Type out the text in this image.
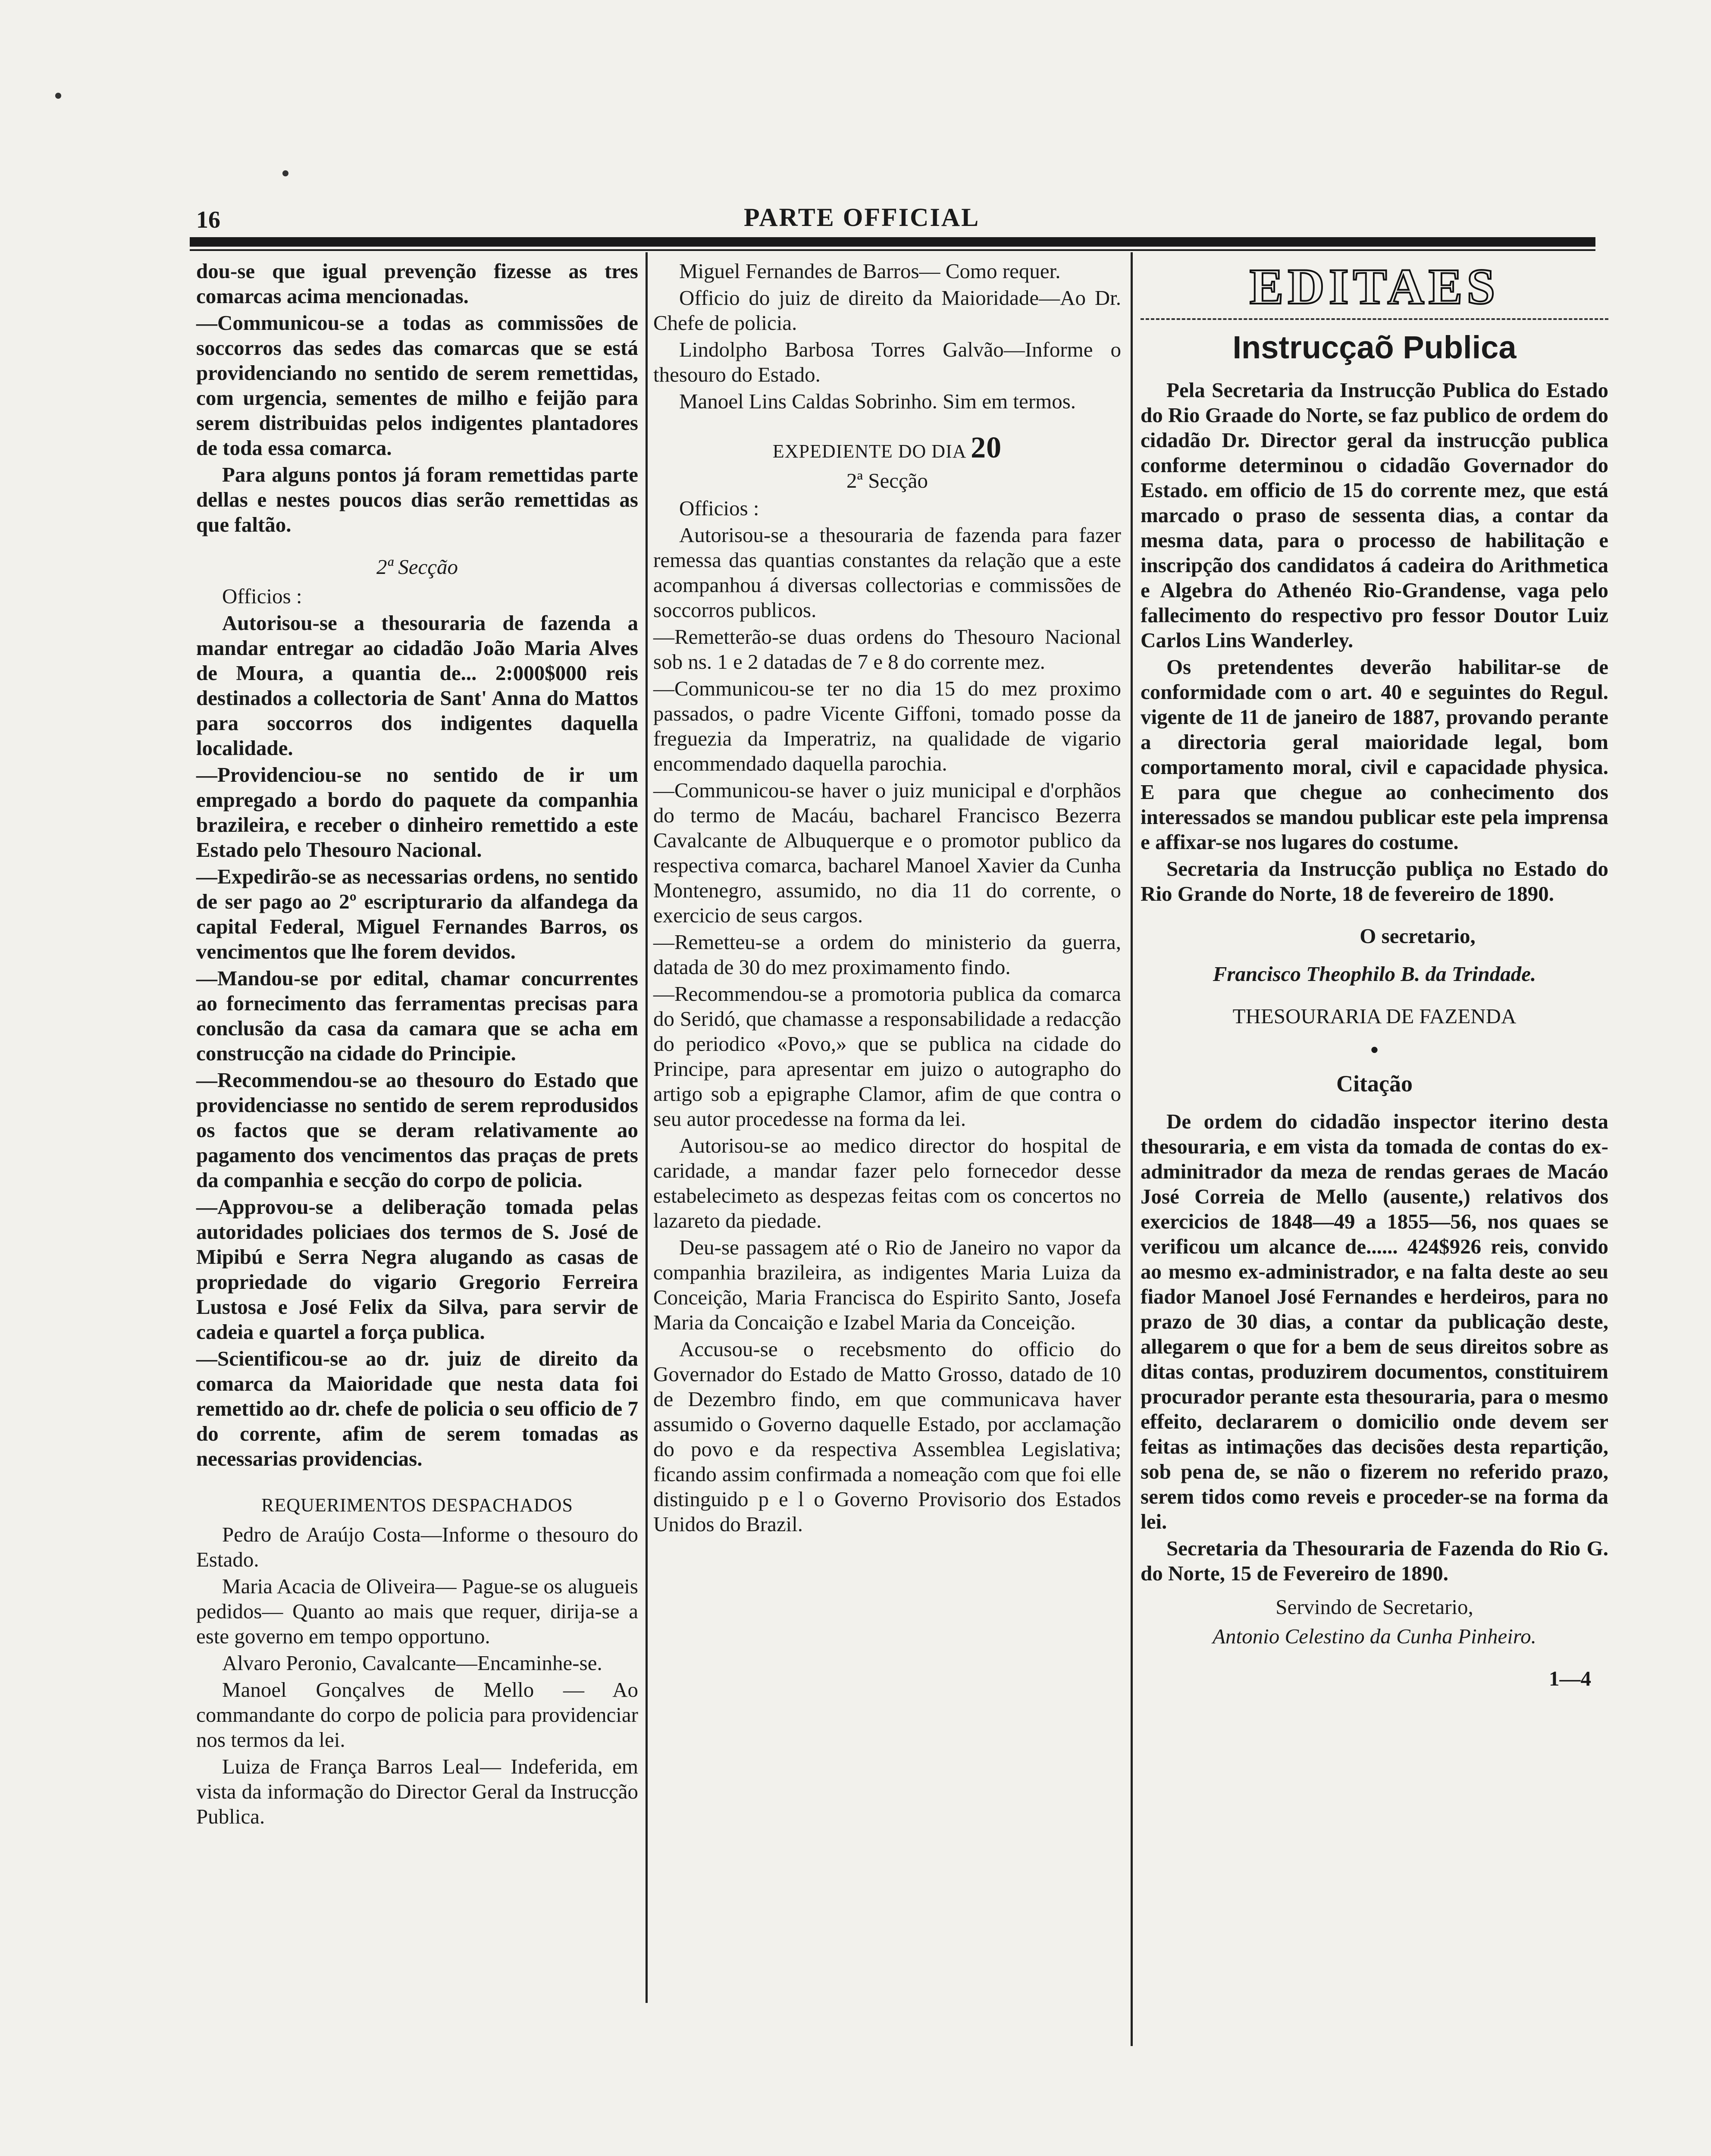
16	PARTE OFFICIAL

dou-se que igual prevenção fizesse as tres comarcas acima mencionadas.

—Communicou-se a todas as commissões de soccorros das sedes das comarcas que se está providenciando no sentido de serem remettidas, com urgencia, sementes de milho e feijão para serem distribuidas pelos indigentes plantadores de toda essa comarca.

Para alguns pontos já foram remettidas parte dellas e nestes poucos dias serão remettidas as que faltão.

2ª Secção

Officios :

Autorisou-se a thesouraria de fazenda a mandar entregar ao cidadão João Maria Alves de Moura, a quantia de... 2:000$000 reis destinados a collectoria de Sant' Anna do Mattos para soccorros dos indigentes daquella localidade.

—Providenciou-se no sentido de ir um empregado a bordo do paquete da companhia brazileira, e receber o dinheiro remettido a este Estado pelo Thesouro Nacional.

—Expedirão-se as necessarias ordens, no sentido de ser pago ao 2º escripturario da alfandega da capital Federal, Miguel Fernandes Barros, os vencimentos que lhe forem devidos.

—Mandou-se por edital, chamar concurrentes ao fornecimento das ferramentas precisas para conclusão da casa da camara que se acha em construcção na cidade do Principie.

—Recommendou-se ao thesouro do Estado que providenciasse no sentido de serem reprodusidos os factos que se deram relativamente ao pagamento dos vencimentos das praças de prets da companhia e secção do corpo de policia.

—Approvou-se a deliberação tomada pelas autoridades policiaes dos termos de S. José de Mipibú e Serra Negra alugando as casas de propriedade do vigario Gregorio Ferreira Lustosa e José Felix da Silva, para servir de cadeia e quartel a força publica.

—Scientificou-se ao dr. juiz de direito da comarca da Maioridade que nesta data foi remettido ao dr. chefe de policia o seu officio de 7 do corrente, afim de serem tomadas as necessarias providencias.

REQUERIMENTOS DESPACHADOS

Pedro de Araújo Costa—Informe o thesouro do Estado.

Maria Acacia de Oliveira— Pague-se os alugueis pedidos— Quanto ao mais que requer, dirija-se a este governo em tempo opportuno.

Alvaro Peronio, Cavalcante—Encaminhe-se.

Manoel Gonçalves de Mello — Ao commandante do corpo de policia para providenciar nos termos da lei.

Luiza de França Barros Leal— Indeferida, em vista da informação do Director Geral da Instrucção Publica.

Miguel Fernandes de Barros— Como requer.

Officio do juiz de direito da Maioridade—Ao Dr. Chefe de policia.

Lindolpho Barbosa Torres Galvão—Informe o thesouro do Estado.

Manoel Lins Caldas Sobrinho. Sim em termos.

EXPEDIENTE DO DIA 20

2ª Secção

Officios :

Autorisou-se a thesouraria de fazenda para fazer remessa das quantias constantes da relação que a este acompanhou á diversas collectorias e commissões de soccorros publicos.

—Remetterão-se duas ordens do Thesouro Nacional sob ns. 1 e 2 datadas de 7 e 8 do corrente mez.

—Communicou-se ter no dia 15 do mez proximo passados, o padre Vicente Giffoni, tomado posse da freguezia da Imperatriz, na qualidade de vigario encommendado daquella parochia.

—Communicou-se haver o juiz municipal e d'orphãos do termo de Macáu, bacharel Francisco Bezerra Cavalcante de Albuquerque e o promotor publico da respectiva comarca, bacharel Manoel Xavier da Cunha Montenegro, assumido, no dia 11 do corrente, o exercicio de seus cargos.

—Remetteu-se a ordem do ministerio da guerra, datada de 30 do mez proximamento findo.

—Recommendou-se a promotoria publica da comarca do Seridó, que chamasse a responsabilidade a redacção do periodico «Povo,» que se publica na cidade do Principe, para apresentar em juizo o autographo do artigo sob a epigraphe Clamor, afim de que contra o seu autor procedesse na forma da lei.

Autorisou-se ao medico director do hospital de caridade, a mandar fazer pelo fornecedor desse estabelecimeto as despezas feitas com os concertos no lazareto da piedade.

Deu-se passagem até o Rio de Janeiro no vapor da companhia brazileira, as indigentes Maria Luiza da Conceição, Maria Francisca do Espirito Santo, Josefa Maria da Concaição e Izabel Maria da Conceição.

Accusou-se o recebsmento do officio do Governador do Estado de Matto Grosso, datado de 10 de Dezembro findo, em que communicava haver assumido o Governo daquelle Estado, por acclamação do povo e da respectiva Assemblea Legislativa; ficando assim confirmada a nomeação com que foi elle distinguido p e l o Governo Provisorio dos Estados Unidos do Brazil.

EDITAES

Instrucçaõ Publica

Pela Secretaria da Instrucção Publica do Estado do Rio Graade do Norte, se faz publico de ordem do cidadão Dr. Director geral da instrucção publica conforme determinou o cidadão Governador do Estado. em officio de 15 do corrente mez, que está marcado o praso de sessenta dias, a contar da mesma data, para o processo de habilitação e inscripção dos candidatos á cadeira do Arithmetica e Algebra do Athenéo Rio-Grandense, vaga pelo fallecimento do respectivo pro fessor Doutor Luiz Carlos Lins Wanderley.

Os pretendentes deverão habilitar-se de conformidade com o art. 40 e seguintes do Regul. vigente de 11 de janeiro de 1887, provando perante a directoria geral maioridade legal, bom comportamento moral, civil e capacidade physica. E para que chegue ao conhecimento dos interessados se mandou publicar este pela imprensa e affixar-se nos lugares do costume.

Secretaria da Instrucção publiça no Estado do Rio Grande do Norte, 18 de fevereiro de 1890.

O secretario,

Francisco Theophilo B. da Trindade.

THESOURARIA DE FAZENDA

•

Citação

De ordem do cidadão inspector iterino desta thesouraria, e em vista da tomada de contas do ex-adminitrador da meza de rendas geraes de Macáo José Correia de Mello (ausente,) relativos dos exercicios de 1848—49 a 1855—56, nos quaes se verificou um alcance de...... 424$926 reis, convido ao mesmo ex-administrador, e na falta deste ao seu fiador Manoel José Fernandes e herdeiros, para no prazo de 30 dias, a contar da publicação deste, allegarem o que for a bem de seus direitos sobre as ditas contas, produzirem documentos, constituirem procurador perante esta thesouraria, para o mesmo effeito, declararem o domicilio onde devem ser feitas as intimações das decisões desta repartição, sob pena de, se não o fizerem no referido prazo, serem tidos como reveis e proceder-se na forma da lei.

Secretaria da Thesouraria de Fazenda do Rio G. do Norte, 15 de Fevereiro de 1890.

Servindo de Secretario,

Antonio Celestino da Cunha Pinheiro.

1—4
